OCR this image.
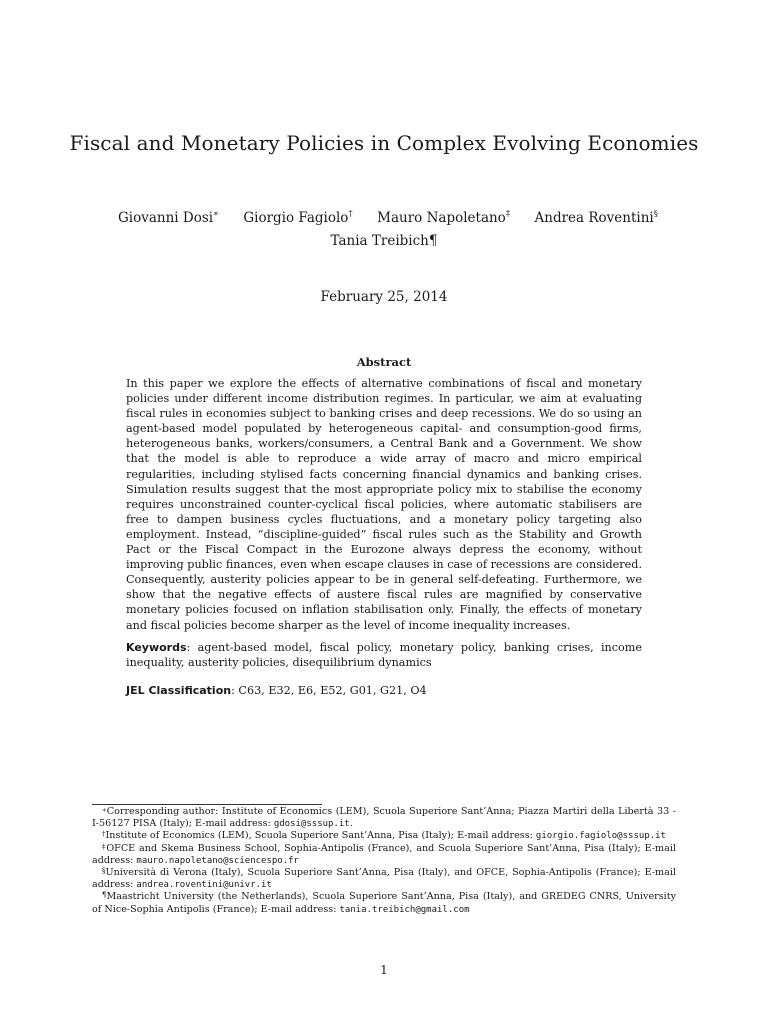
Fiscal and Monetary Policies in Complex Evolving Economies
Giovanni Dosi∗ Giorgio Fagiolo† Mauro Napoletano‡ Andrea Roventini§
Tania Treibich¶
February 25, 2014
Abstract
In this paper we explore the effects of alternative combinations of fiscal and monetary policies under different income distribution regimes. In particular, we aim at evaluating fiscal rules in economies subject to banking crises and deep recessions. We do so using an agent-based model populated by heterogeneous capital- and consumption-good firms, heterogeneous banks, workers/consumers, a Central Bank and a Government. We show that the model is able to reproduce a wide array of macro and micro empirical regularities, including stylised facts concerning financial dynamics and banking crises. Simulation results suggest that the most appropriate policy mix to stabilise the economy requires unconstrained counter-cyclical fiscal policies, where automatic stabilisers are free to dampen business cycles fluctuations, and a monetary policy targeting also employment. Instead, “discipline-guided” fiscal rules such as the Stability and Growth Pact or the Fiscal Compact in the Eurozone always depress the economy, without improving public finances, even when escape clauses in case of recessions are considered. Consequently, austerity policies appear to be in general self-defeating. Furthermore, we show that the negative effects of austere fiscal rules are magnified by conservative monetary policies focused on inflation stabilisation only. Finally, the effects of monetary and fiscal policies become sharper as the level of income inequality increases.
Keywords: agent-based model, fiscal policy, monetary policy, banking crises, income inequality, austerity policies, disequilibrium dynamics
JEL Classification: C63, E32, E6, E52, G01, G21, O4

∗Corresponding author: Institute of Economics (LEM), Scuola Superiore Sant’Anna; Piazza Martiri della Libertà 33 - I-56127 PISA (Italy); E-mail address: gdosi@sssup.it.

†Institute of Economics (LEM), Scuola Superiore Sant’Anna, Pisa (Italy); E-mail address: giorgio.fagiolo@sssup.it

‡OFCE and Skema Business School, Sophia-Antipolis (France), and Scuola Superiore Sant’Anna, Pisa (Italy); E-mail address: mauro.napoletano@sciencespo.fr

§Università di Verona (Italy), Scuola Superiore Sant’Anna, Pisa (Italy), and OFCE, Sophia-Antipolis (France); E-mail address: andrea.roventini@univr.it

¶Maastricht University (the Netherlands), Scuola Superiore Sant’Anna, Pisa (Italy), and GREDEG CNRS, University of Nice-Sophia Antipolis (France); E-mail address: tania.treibich@gmail.com

1
